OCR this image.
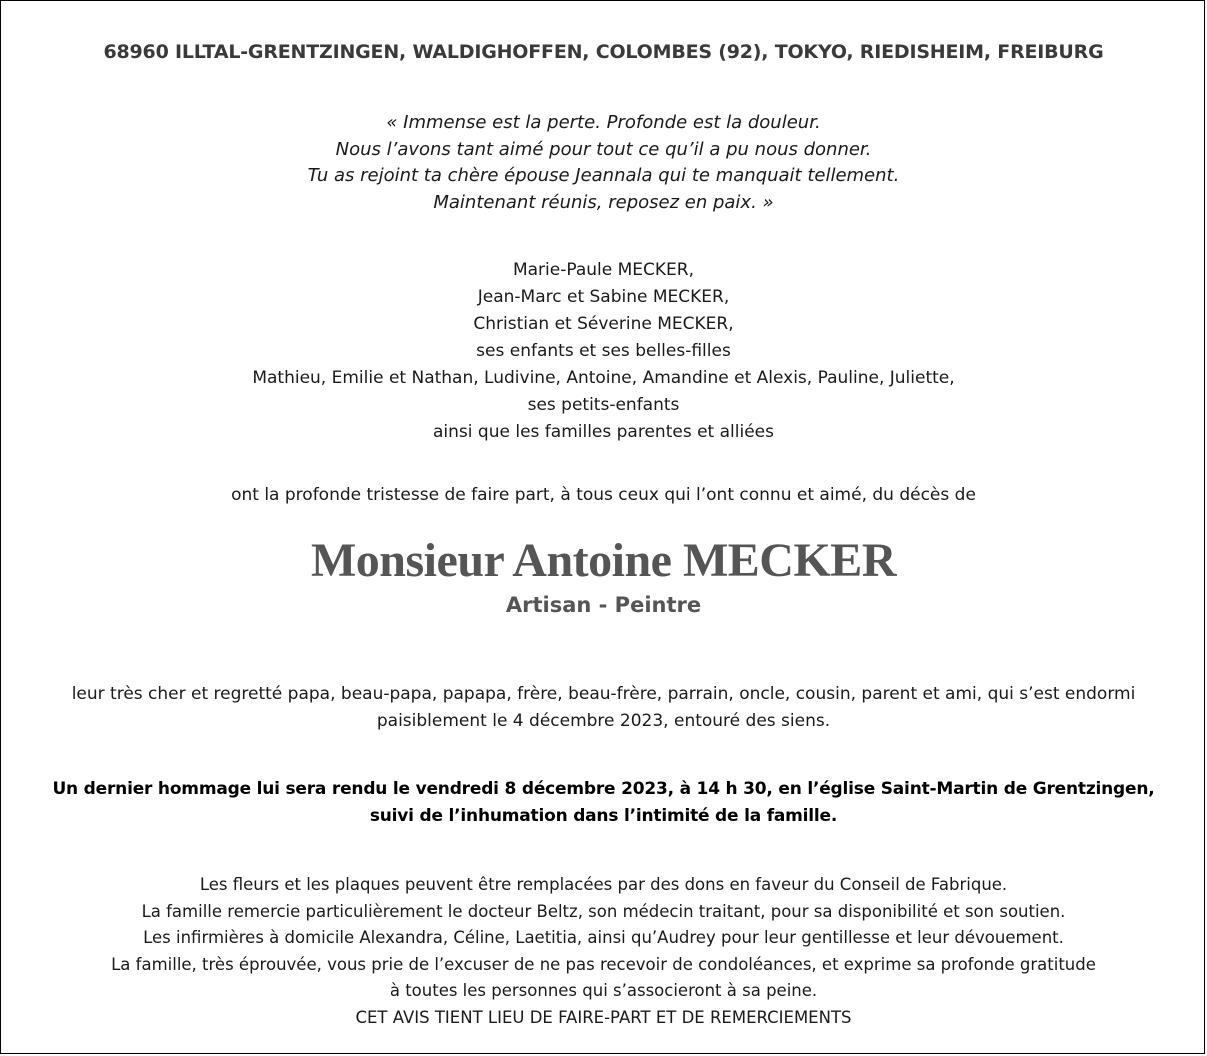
68960 ILLTAL-GRENTZINGEN, WALDIGHOFFEN, COLOMBES (92), TOKYO, RIEDISHEIM, FREIBURG
« Immense est la perte. Profonde est la douleur.
Nous l’avons tant aimé pour tout ce qu’il a pu nous donner.
Tu as rejoint ta chère épouse Jeannala qui te manquait tellement.
Maintenant réunis, reposez en paix. »
Marie-Paule MECKER,
Jean-Marc et Sabine MECKER,
Christian et Séverine MECKER,
ses enfants et ses belles-filles
Mathieu, Emilie et Nathan, Ludivine, Antoine, Amandine et Alexis, Pauline, Juliette,
ses petits-enfants
ainsi que les familles parentes et alliées
ont la profonde tristesse de faire part, à tous ceux qui l’ont connu et aimé, du décès de
Monsieur Antoine MECKER
Artisan - Peintre
leur très cher et regretté papa, beau-papa, papapa, frère, beau-frère, parrain, oncle, cousin, parent et ami, qui s’est endormi
paisiblement le 4 décembre 2023, entouré des siens.
Un dernier hommage lui sera rendu le vendredi 8 décembre 2023, à 14 h 30, en l’église Saint-Martin de Grentzingen,
suivi de l’inhumation dans l’intimité de la famille.
Les fleurs et les plaques peuvent être remplacées par des dons en faveur du Conseil de Fabrique.
La famille remercie particulièrement le docteur Beltz, son médecin traitant, pour sa disponibilité et son soutien.
Les infirmières à domicile Alexandra, Céline, Laetitia, ainsi qu’Audrey pour leur gentillesse et leur dévouement.
La famille, très éprouvée, vous prie de l’excuser de ne pas recevoir de condoléances, et exprime sa profonde gratitude
à toutes les personnes qui s’associeront à sa peine.
CET AVIS TIENT LIEU DE FAIRE-PART ET DE REMERCIEMENTS
